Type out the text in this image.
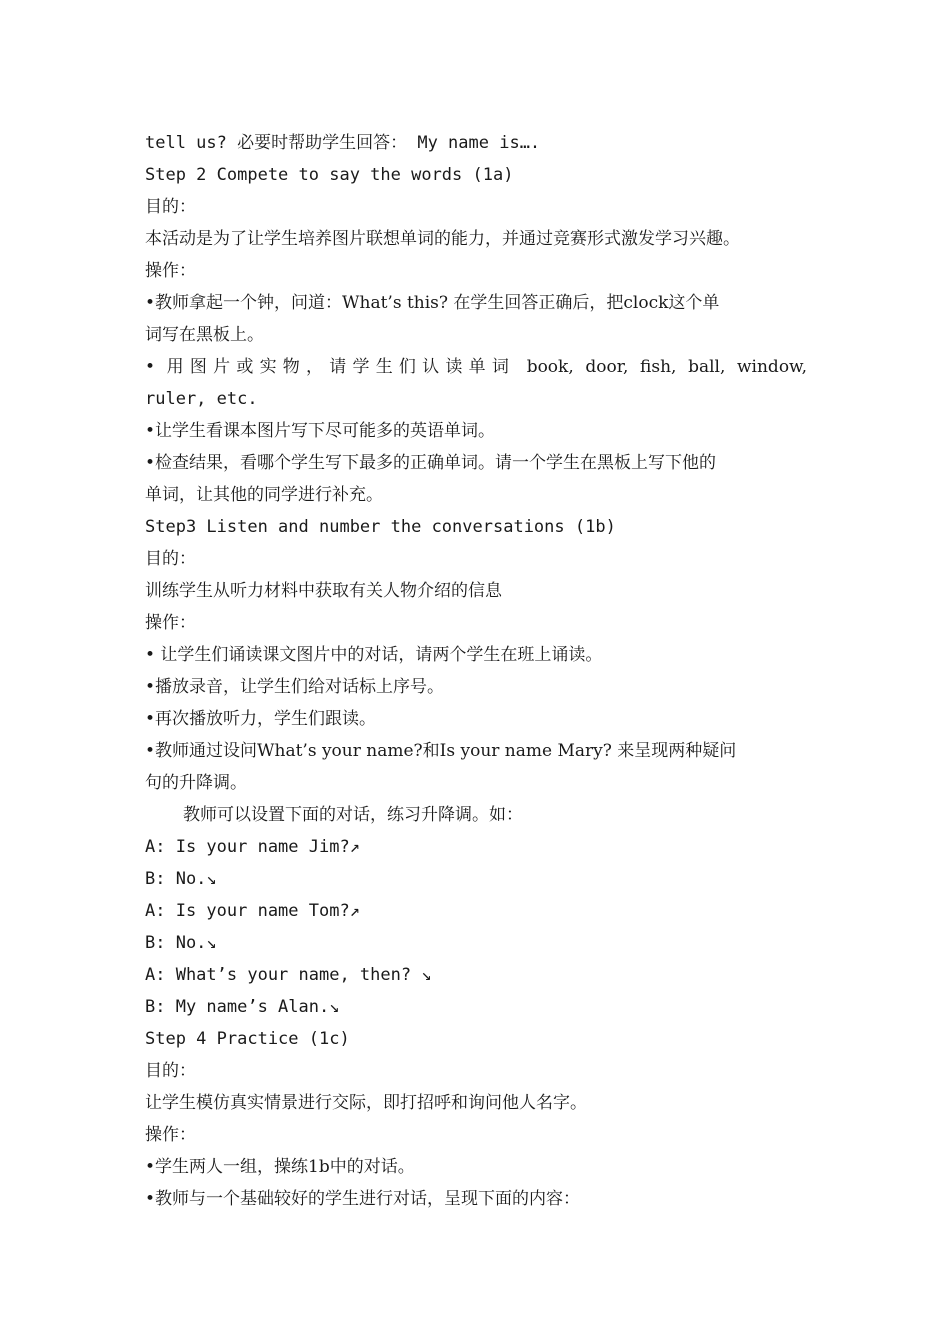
tell us? 必要时帮助学生回答： My name is….
Step 2 Compete to say the words (1a)
目的：
本活动是为了让学生培养图片联想单词的能力，并通过竞赛形式激发学习兴趣。
操作：
•教师拿起一个钟，问道：What’s this? 在学生回答正确后，把clock这个单
词写在黑板上。
• 用图片或实物，请学生们认读单词 book, door, fish, ball, window,
ruler, etc.
•让学生看课本图片写下尽可能多的英语单词。
•检查结果，看哪个学生写下最多的正确单词。请一个学生在黑板上写下他的
单词，让其他的同学进行补充。
Step3 Listen and number the conversations (1b)
目的：
训练学生从听力材料中获取有关人物介绍的信息
操作：
• 让学生们诵读课文图片中的对话，请两个学生在班上诵读。
•播放录音，让学生们给对话标上序号。
•再次播放听力，学生们跟读。
•教师通过设问What’s your name?和Is your name Mary? 来呈现两种疑问
句的升降调。
教师可以设置下面的对话，练习升降调。如：
A: Is your name Jim?↗
B: No.↘
A: Is your name Tom?↗
B: No.↘
A: What’s your name, then? ↘
B: My name’s Alan.↘
Step 4 Practice (1c)
目的：
让学生模仿真实情景进行交际，即打招呼和询问他人名字。
操作：
•学生两人一组，操练1b中的对话。
•教师与一个基础较好的学生进行对话，呈现下面的内容：
